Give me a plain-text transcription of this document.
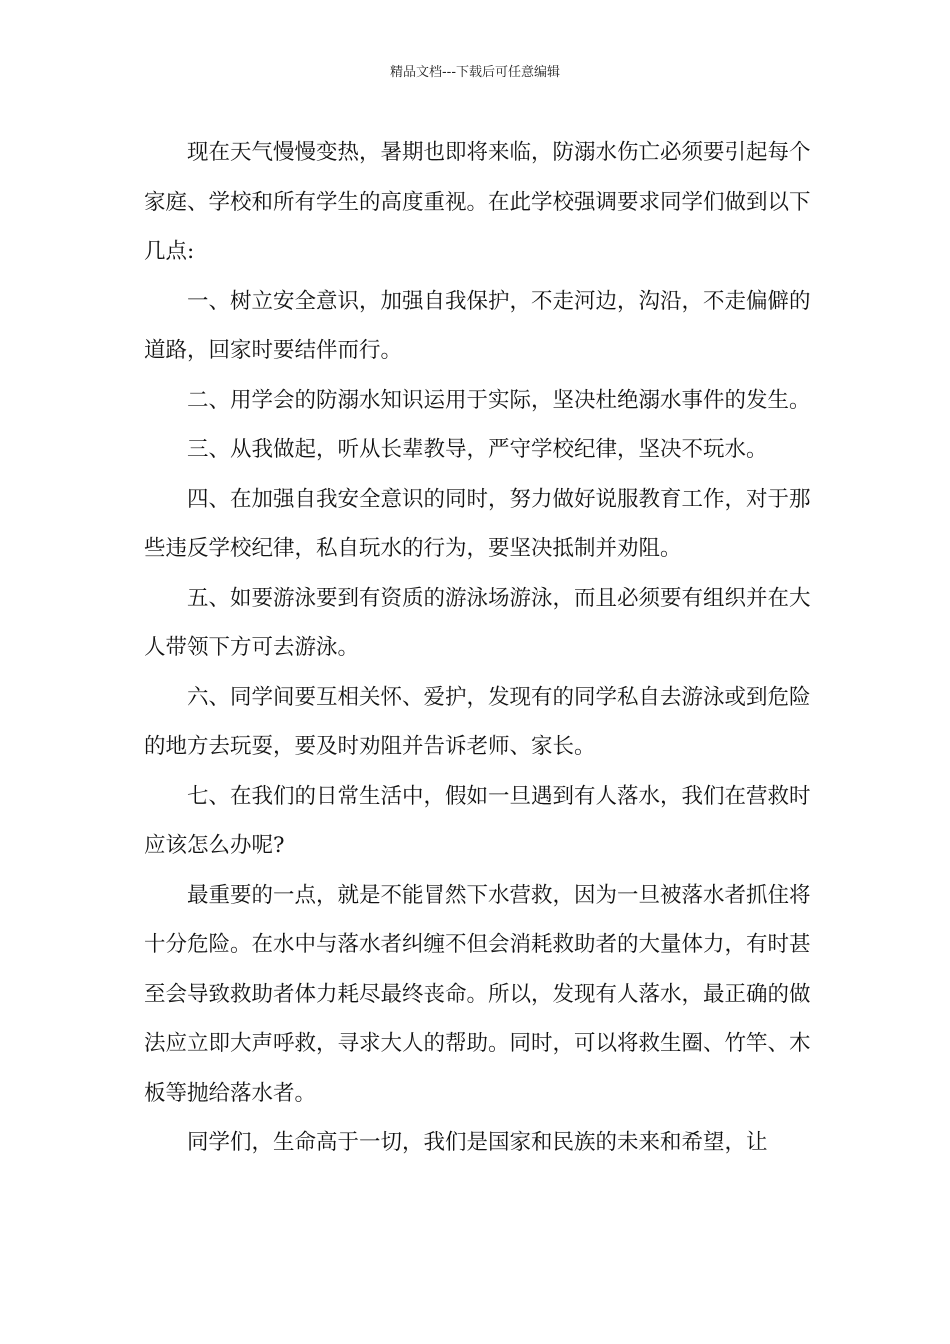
精品文档---下载后可任意编辑

现在天气慢慢变热，暑期也即将来临，防溺水伤亡必须要引起每个家庭、学校和所有学生的高度重视。在此学校强调要求同学们做到以下几点:

一、树立安全意识，加强自我保护，不走河边，沟沿，不走偏僻的道路，回家时要结伴而行。

二、用学会的防溺水知识运用于实际，坚决杜绝溺水事件的发生。

三、从我做起，听从长辈教导，严守学校纪律，坚决不玩水。

四、在加强自我安全意识的同时，努力做好说服教育工作，对于那些违反学校纪律，私自玩水的行为，要坚决抵制并劝阻。

五、如要游泳要到有资质的游泳场游泳，而且必须要有组织并在大人带领下方可去游泳。

六、同学间要互相关怀、爱护，发现有的同学私自去游泳或到危险的地方去玩耍，要及时劝阻并告诉老师、家长。

七、在我们的日常生活中，假如一旦遇到有人落水，我们在营救时应该怎么办呢?

最重要的一点，就是不能冒然下水营救，因为一旦被落水者抓住将十分危险。在水中与落水者纠缠不但会消耗救助者的大量体力，有时甚至会导致救助者体力耗尽最终丧命。所以，发现有人落水，最正确的做法应立即大声呼救，寻求大人的帮助。同时，可以将救生圈、竹竿、木板等抛给落水者。

同学们，生命高于一切，我们是国家和民族的未来和希望，让
